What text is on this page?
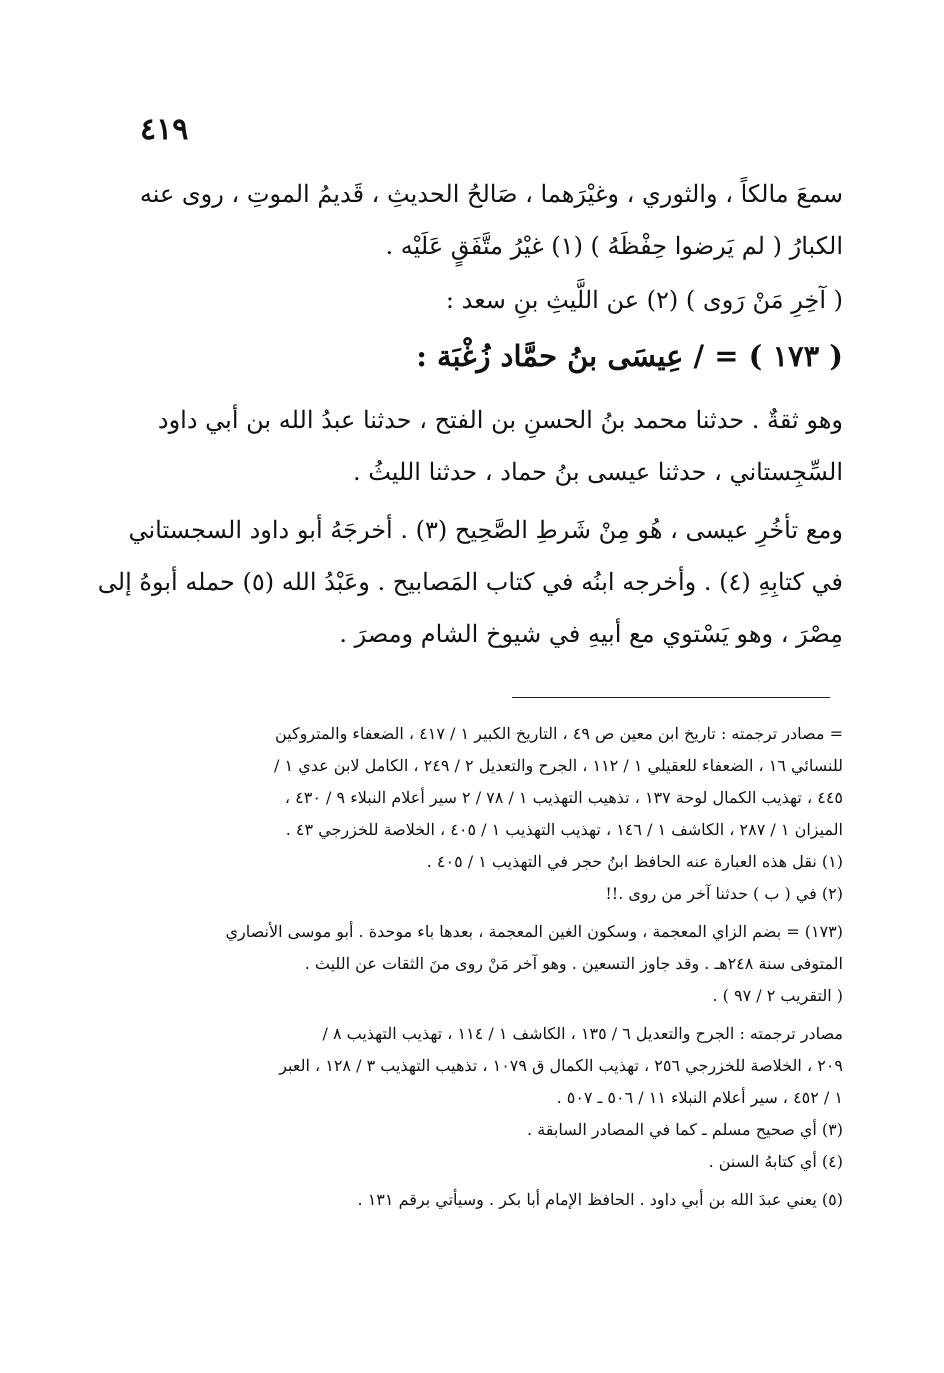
٤١٩
سمعَ مالكاً ، والثوري ، وغيْرَهما ، صَالحُ الحديثِ ، قَديمُ الموتِ ، روى عنه
الكبارُ ( لم يَرضوا حِفْظَهُ ) (١) غيْرُ متَّفَقٍ عَلَيْه .
( آخِرِ مَنْ رَوى ) (٢) عن اللَّيثِ بنِ سعد :
( ١٧٣ ) = / عِيسَى بنُ حمَّاد زُغْبَة :
وهو ثقةٌ . حدثنا محمد بنُ الحسنِ بن الفتح ، حدثنا عبدُ الله بن أبي داود
السِّجِستاني ، حدثنا عيسى بنُ حماد ، حدثنا الليثُ .
ومع تأخُرِ عيسى ، هُو مِنْ شَرطِ الصَّحِيح (٣) . أخرجَهُ أبو داود السجستاني
في كتابِهِ (٤) . وأخرجه ابنُه في كتاب المَصابيح . وعَبْدُ الله (٥) حمله أبوهُ إلى
مِصْرَ ، وهو يَسْتوي مع أبيهِ في شيوخ الشام ومصرَ .
= مصادر ترجمته : تاريخ ابن معين ص ٤٩ ، التاريخ الكبير ١ / ٤١٧ ، الضعفاء والمتروكين
للنسائي ١٦ ، الضعفاء للعقيلي ١ / ١١٢ ، الجرح والتعديل ٢ / ٢٤٩ ، الكامل لابن عدي ١ /
٤٤٥ ، تهذيب الكمال لوحة ١٣٧ ، تذهيب التهذيب ١ / ٧٨ / ٢ سير أعلام النبلاء ٩ / ٤٣٠ ،
الميزان ١ / ٢٨٧ ، الكاشف ١ / ١٤٦ ، تهذيب التهذيب ١ / ٤٠٥ ، الخلاصة للخزرجي ٤٣ .
(١) نقل هذه العبارة عنه الحافظ ابنُ حجر في التهذيب ١ / ٤٠٥ .
(٢) في ( ب ) حدثنا آخر من روى .!!
(١٧٣) = بضم الزاي المعجمة ، وسكون الغين المعجمة ، بعدها باء موحدة . أبو موسى الأنصاري
المتوفى سنة ٢٤٨هـ . وقد جاوز التسعين . وهو آخر مَنْ روى منَ الثقات عن الليث .
( التقريب ٢ / ٩٧ ) .
مصادر ترجمته : الجرح والتعديل ٦ / ١٣٥ ، الكاشف ١ / ١١٤ ، تهذيب التهذيب ٨ /
٢٠٩ ، الخلاصة للخزرجي ٢٥٦ ، تهذيب الكمال ق ١٠٧٩ ، تذهيب التهذيب ٣ / ١٢٨ ، العبر
١ / ٤٥٢ ، سير أعلام النبلاء ١١ / ٥٠٦ ـ ٥٠٧ .
(٣) أي صحيح مسلم ـ كما في المصادر السابقة .
(٤) أي كتابهُ السنن .
(٥) يعني عبدَ الله بن أبي داود . الحافظ الإمام أبا بكر . وسيأتي برقم ١٣١ .
